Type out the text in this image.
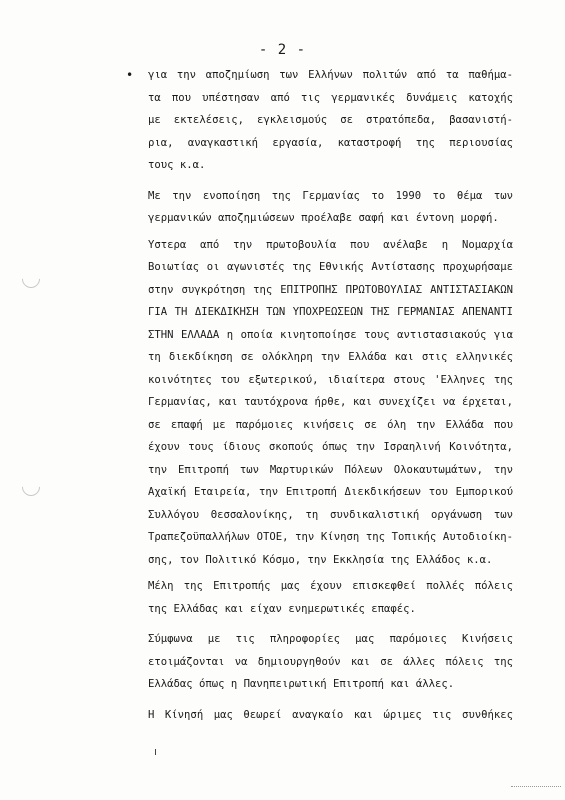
- 2 -
• για την αποζημίωση των Ελλήνων πολιτών από τα παθήμα-
τα που υπέστησαν από τις γερμανικές δυνάμεις κατοχής
με εκτελέσεις, εγκλεισμούς σε στρατόπεδα, βασανιστή-
ρια, αναγκαστική εργασία, καταστροφή της περιουσίας
τους κ.α.
Με την ενοποίηση της Γερμανίας το 1990 το θέμα των
γερμανικών αποζημιώσεων προέλαβε σαφή και έντονη μορφή.
Υστερα από την πρωτοβουλία που ανέλαβε η Νομαρχία
Βοιωτίας οι αγωνιστές της Εθνικής Αντίστασης προχωρήσαμε
στην συγκρότηση της ΕΠΙΤΡΟΠΗΣ ΠΡΩΤΟΒΟΥΛΙΑΣ ΑΝΤΙΣΤΑΣΙΑΚΩΝ
ΓΙΑ ΤΗ ΔΙΕΚΔΙΚΗΣΗ ΤΩΝ ΥΠΟΧΡΕΩΣΕΩΝ ΤΗΣ ΓΕΡΜΑΝΙΑΣ ΑΠΕΝΑΝΤΙ
ΣΤΗΝ ΕΛΛΑΔΑ η οποία κινητοποίησε τους αντιστασιακούς για
τη διεκδίκηση σε ολόκληρη την Ελλάδα και στις ελληνικές
κοινότητες του εξωτερικού, ιδιαίτερα στους 'Ελληνες της
Γερμανίας, και ταυτόχρονα ήρθε, και συνεχίζει να έρχεται,
σε επαφή με παρόμοιες κινήσεις σε όλη την Ελλάδα που
έχουν τους ίδιους σκοπούς όπως την Ισραηλινή Κοινότητα,
την Επιτροπή των Μαρτυρικών Πόλεων Ολοκαυτωμάτων, την
Αχαϊκή Εταιρεία, την Επιτροπή Διεκδικήσεων του Εμπορικού
Συλλόγου Θεσσαλονίκης, τη συνδικαλιστική οργάνωση των
Τραπεζοϋπαλλήλων ΟΤΟΕ, την Κίνηση της Τοπικής Αυτοδιοίκη-
σης, τον Πολιτικό Κόσμο, την Εκκλησία της Ελλάδος κ.α.
Μέλη της Επιτροπής μας έχουν επισκεφθεί πολλές πόλεις
της Ελλάδας και είχαν ενημερωτικές επαφές.
Σύμφωνα με τις πληροφορίες μας παρόμοιες Κινήσεις
ετοιμάζονται να δημιουργηθούν και σε άλλες πόλεις της
Ελλάδας όπως η Πανηπειρωτική Επιτροπή και άλλες.
Η Κίνησή μας θεωρεί αναγκαίο και ώριμες τις συνθήκες
